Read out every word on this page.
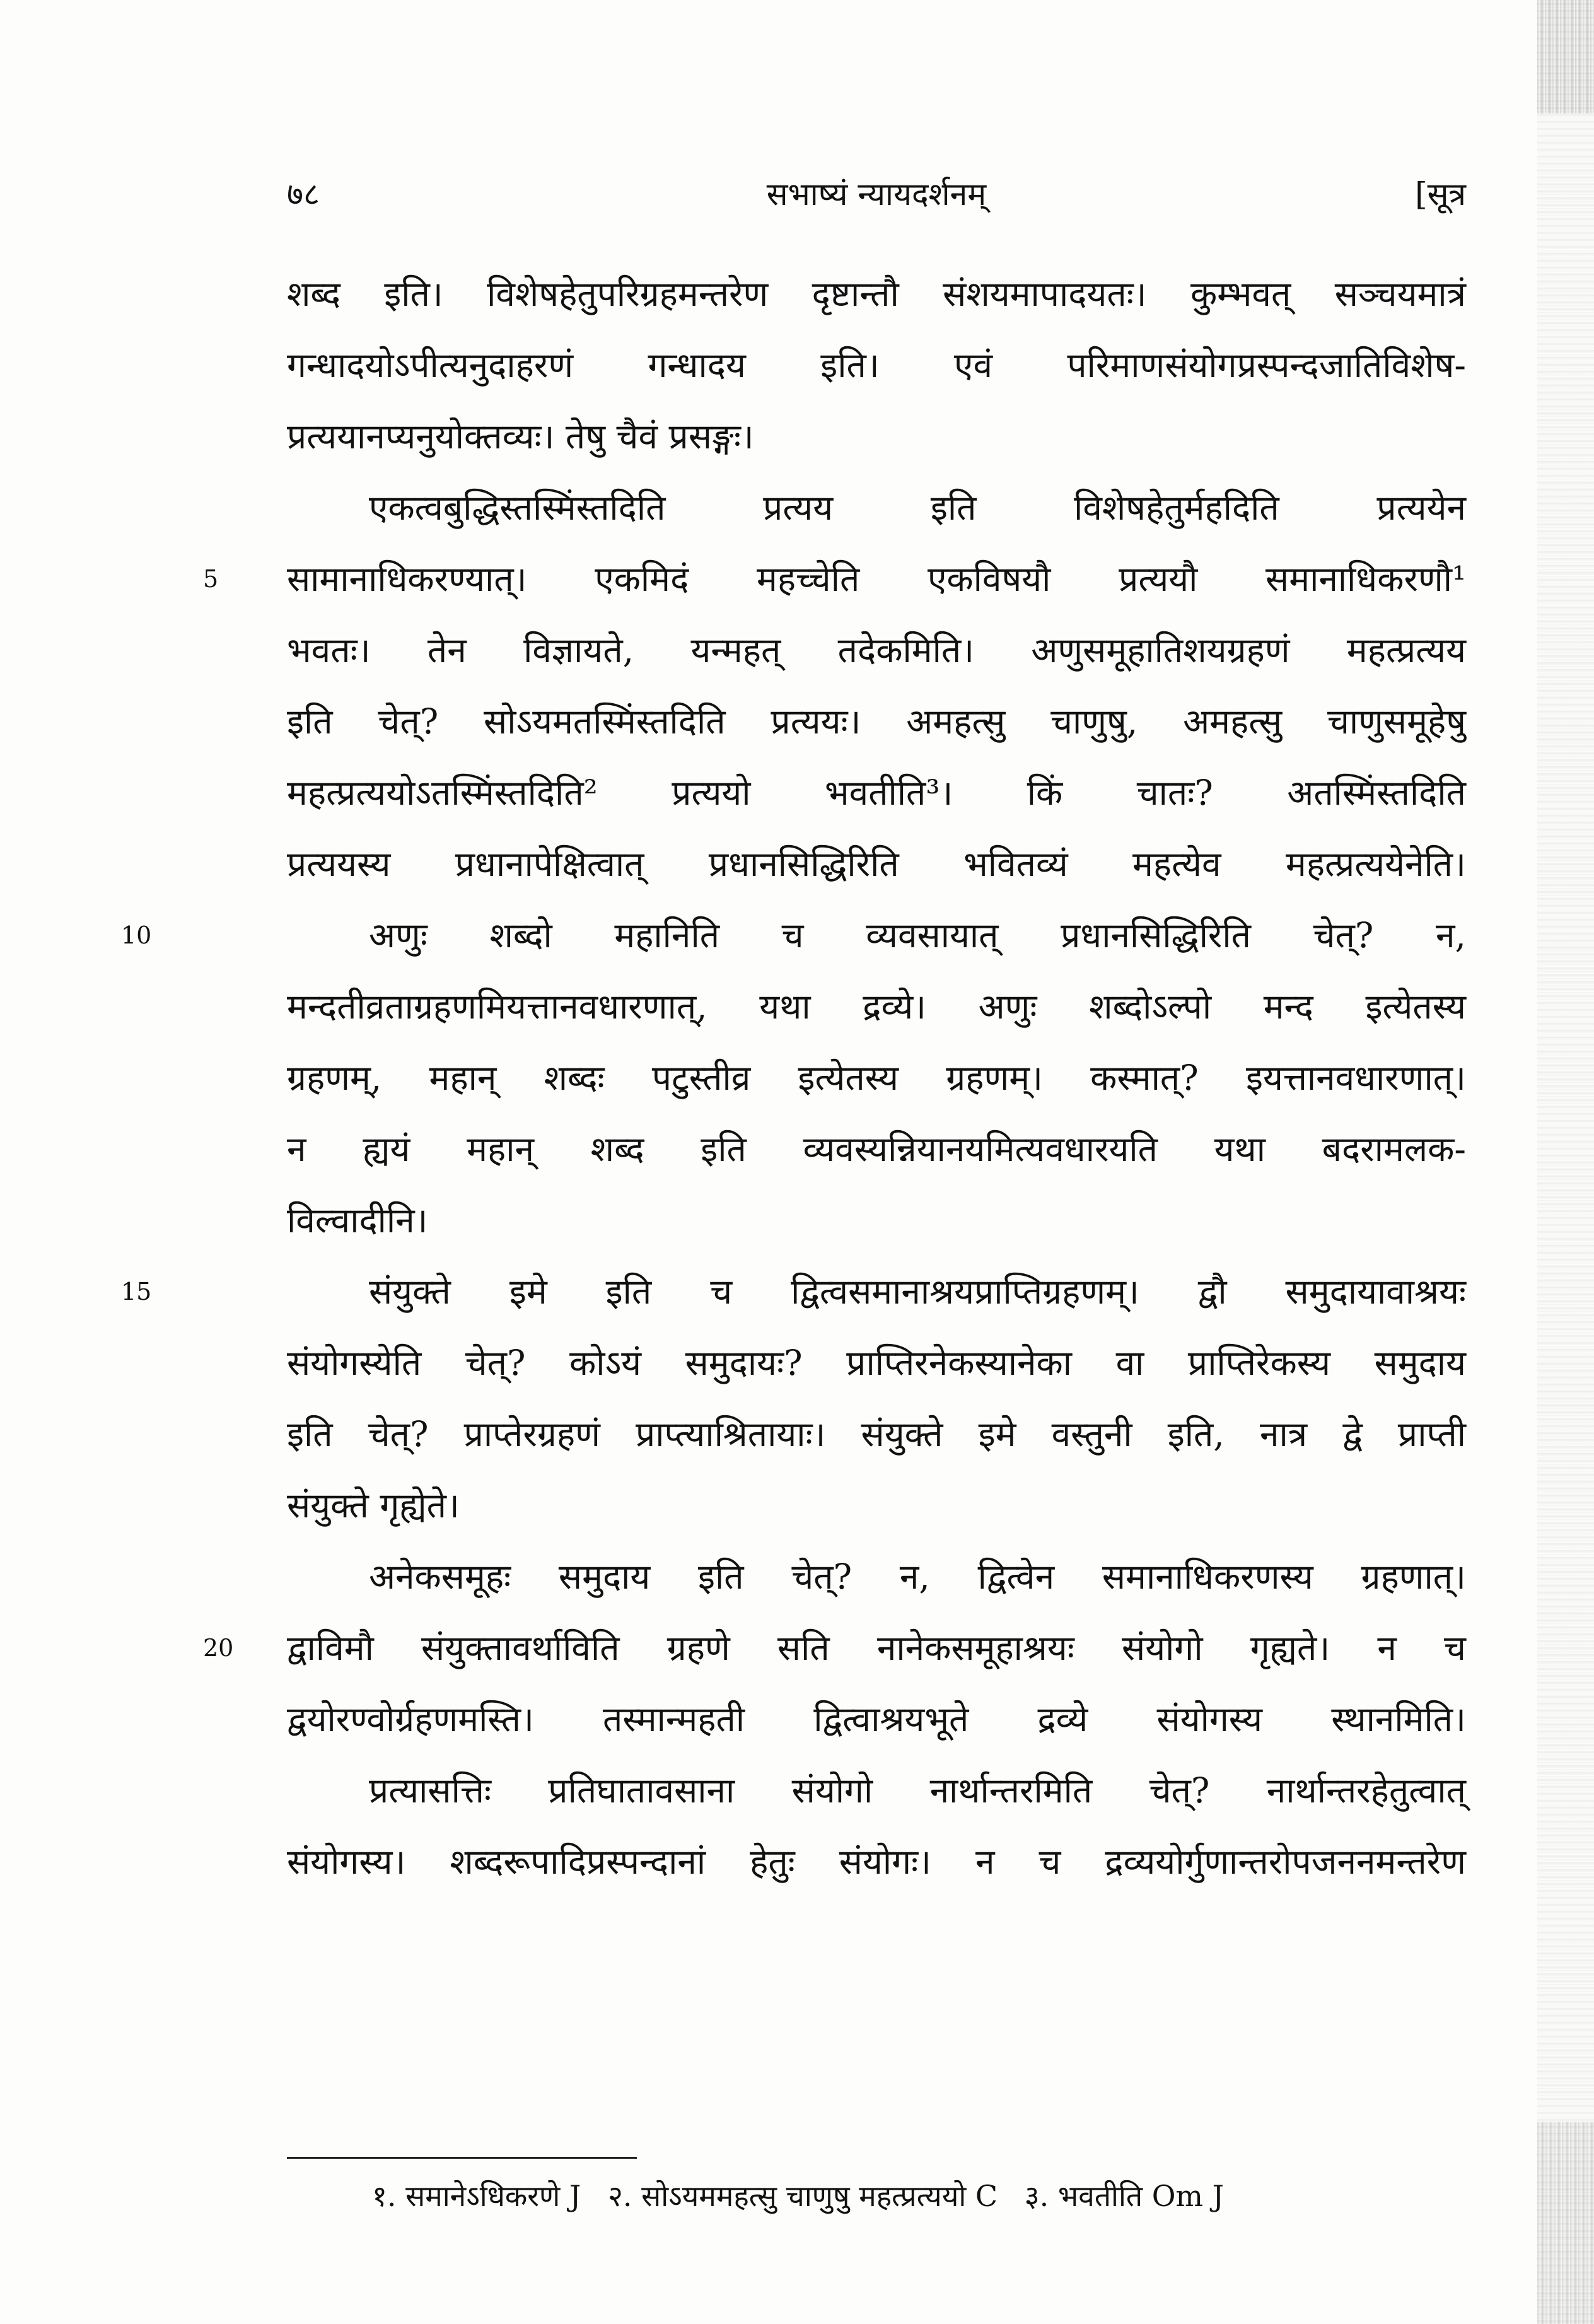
७८	सभाष्यं न्यायदर्शनम्	[सूत्र
शब्द इति। विशेषहेतुपरिग्रहमन्तरेण दृष्टान्तौ संशयमापादयतः। कुम्भवत् सञ्चयमात्रं
गन्धादयोऽपीत्यनुदाहरणं गन्धादय इति। एवं परिमाणसंयोगप्रस्पन्दजातिविशेष-
प्रत्ययानप्यनुयोक्तव्यः। तेषु चैवं प्रसङ्गः।
एकत्वबुद्धिस्तस्मिंस्तदिति प्रत्यय इति विशेषहेतुर्महदिति प्रत्ययेन
5	सामानाधिकरण्यात्। एकमिदं महच्चेति एकविषयौ प्रत्ययौ समानाधिकरणौ¹
भवतः। तेन विज्ञायते, यन्महत् तदेकमिति। अणुसमूहातिशयग्रहणं महत्प्रत्यय
इति चेत्? सोऽयमतस्मिंस्तदिति प्रत्ययः। अमहत्सु चाणुषु, अमहत्सु चाणुसमूहेषु
महत्प्रत्ययोऽतस्मिंस्तदिति² प्रत्ययो भवतीति³। किं चातः? अतस्मिंस्तदिति
प्रत्ययस्य प्रधानापेक्षित्वात् प्रधानसिद्धिरिति भवितव्यं महत्येव महत्प्रत्ययेनेति।
10	अणुः शब्दो महानिति च व्यवसायात् प्रधानसिद्धिरिति चेत्? न,
मन्दतीव्रताग्रहणमियत्तानवधारणात्, यथा द्रव्ये। अणुः शब्दोऽल्पो मन्द इत्येतस्य
ग्रहणम्, महान् शब्दः पटुस्तीव्र इत्येतस्य ग्रहणम्। कस्मात्? इयत्तानवधारणात्।
न ह्ययं महान् शब्द इति व्यवस्यन्नियानयमित्यवधारयति यथा बदरामलक-
विल्वादीनि।
15	संयुक्ते इमे इति च द्वित्वसमानाश्रयप्राप्तिग्रहणम्। द्वौ समुदायावाश्रयः
संयोगस्येति चेत्? कोऽयं समुदायः? प्राप्तिरनेकस्यानेका वा प्राप्तिरेकस्य समुदाय
इति चेत्? प्राप्तेरग्रहणं प्राप्त्याश्रितायाः। संयुक्ते इमे वस्तुनी इति, नात्र द्वे प्राप्ती
संयुक्ते गृह्येते।
अनेकसमूहः समुदाय इति चेत्? न, द्वित्वेन समानाधिकरणस्य ग्रहणात्।
20 द्वाविमौ संयुक्तावर्थाविति ग्रहणे सति नानेकसमूहाश्रयः संयोगो गृह्यते। न च
द्वयोरण्वोर्ग्रहणमस्ति। तस्मान्महती द्वित्वाश्रयभूते द्रव्ये संयोगस्य स्थानमिति।
प्रत्यासत्तिः प्रतिघातावसाना संयोगो नार्थान्तरमिति चेत्? नार्थान्तरहेतुत्वात्
संयोगस्य। शब्दरूपादिप्रस्पन्दानां हेतुः संयोगः। न च द्रव्ययोर्गुणान्तरोपजननमन्तरेण
१. समानेऽधिकरणे J २. सोऽयममहत्सु चाणुषु महत्प्रत्ययो C ३. भवतीति Om J
